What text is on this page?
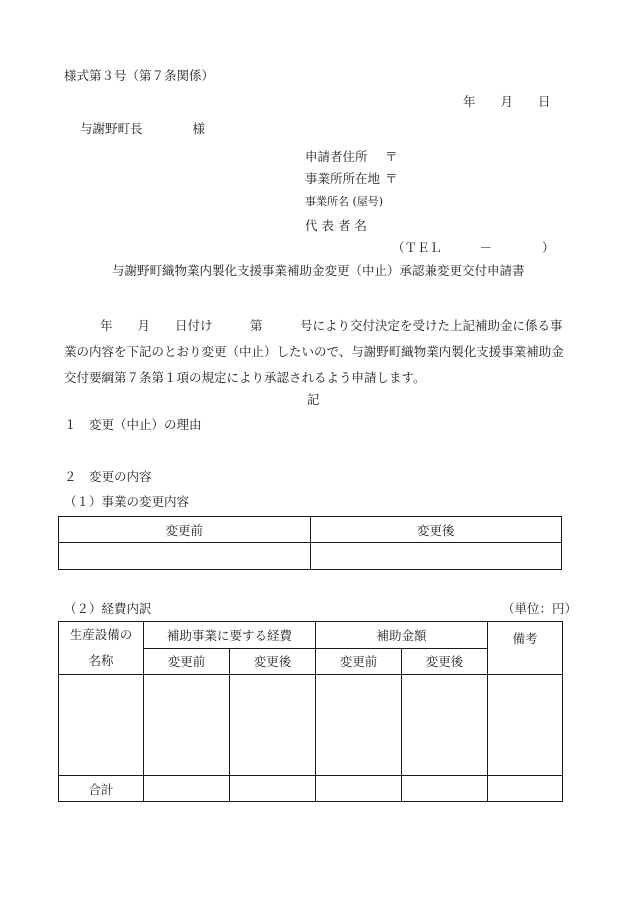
様式第３号（第７条関係）
年　　月　　日
与謝野町長　　　　様
申請者住所 〒
事業所所在地 〒
事業所名 (屋号)
代 表 者 名
（ＴＥＬ　　　－　　　　）
与謝野町織物業内製化支援事業補助金変更（中止）承認兼変更交付申請書
年　　月　　日付け　　　第　　　号により交付決定を受けた上記補助金に係る事
業の内容を下記のとおり変更（中止）したいので、与謝野町織物業内製化支援事業補助金
交付要綱第７条第１項の規定により承認されるよう申請します。
記
１　変更（中止）の理由
２　変更の内容
（１）事業の変更内容
変更前	変更後

（２）経費内訳	（単位：円）
生産設備の
名称	補助事業に要する経費		補助金額		備考
	変更前	変更後	変更前	変更後	

合計					
